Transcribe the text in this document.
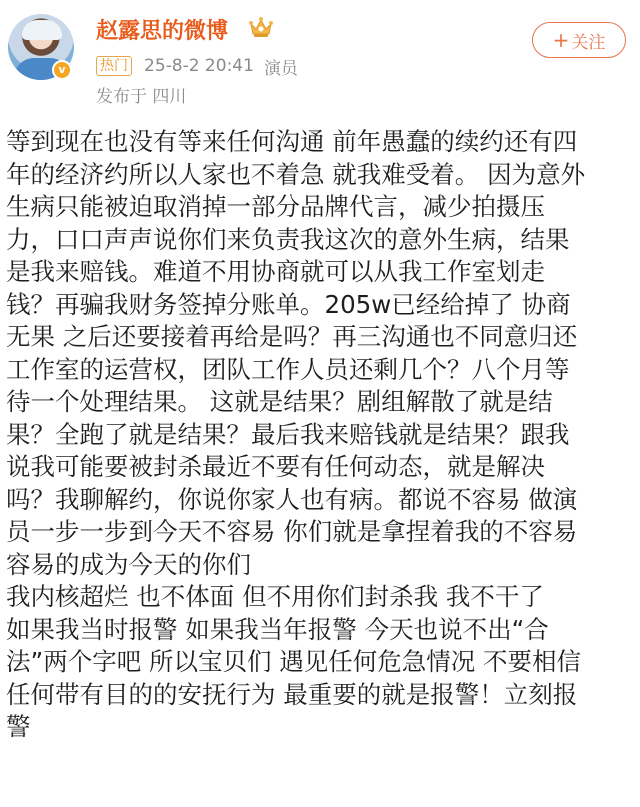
v
赵露思的微博
热门 25-8-2 20:41 演员
发布于 四川
+ 关注
等到现在也没有等来任何沟通 前年愚蠢的续约还有四
年的经济约所以人家也不着急 就我难受着。 因为意外
生病只能被迫取消掉一部分品牌代言，减少拍摄压
力，口口声声说你们来负责我这次的意外生病，结果
是我来赔钱。难道不用协商就可以从我工作室划走
钱？再骗我财务签掉分账单。205w已经给掉了 协商
无果 之后还要接着再给是吗？再三沟通也不同意归还
工作室的运营权，团队工作人员还剩几个？八个月等
待一个处理结果。 这就是结果？剧组解散了就是结
果？全跑了就是结果？最后我来赔钱就是结果？跟我
说我可能要被封杀最近不要有任何动态，就是解决
吗？我聊解约，你说你家人也有病。都说不容易 做演
员一步一步到今天不容易 你们就是拿捏着我的不容易
容易的成为今天的你们
我内核超烂 也不体面 但不用你们封杀我 我不干了
如果我当时报警 如果我当年报警 今天也说不出“合
法”两个字吧 所以宝贝们 遇见任何危急情况 不要相信
任何带有目的的安抚行为 最重要的就是报警！立刻报
警
